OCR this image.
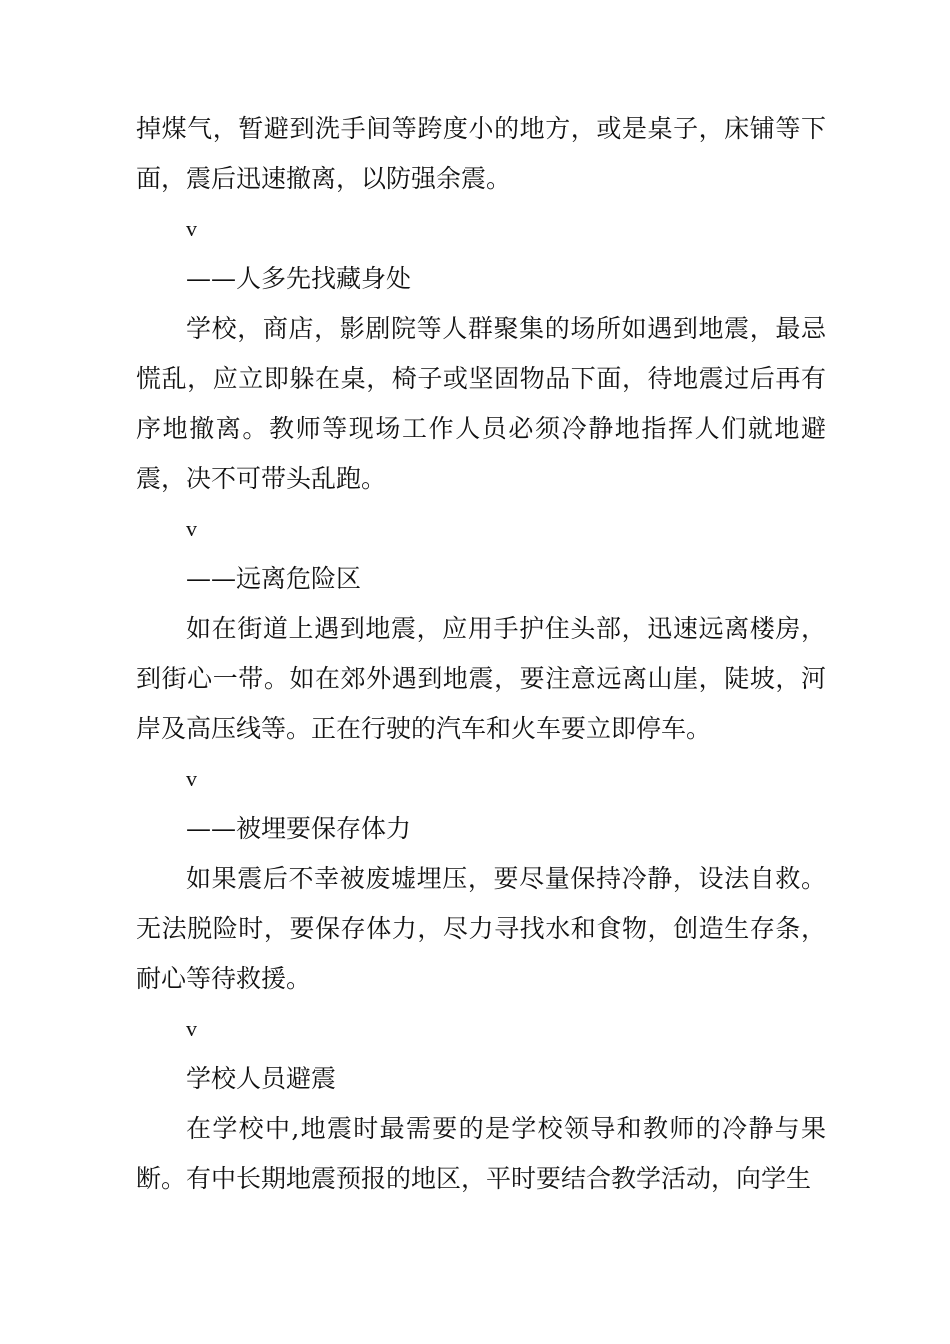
掉煤气，暂避到洗手间等跨度小的地方，或是桌子，床铺等下面，震后迅速撤离，以防强余震。

v

——人多先找藏身处

学校，商店，影剧院等人群聚集的场所如遇到地震，最忌慌乱，应立即躲在桌，椅子或坚固物品下面，待地震过后再有序地撤离。教师等现场工作人员必须冷静地指挥人们就地避震，决不可带头乱跑。

v

——远离危险区

如在街道上遇到地震，应用手护住头部，迅速远离楼房，到街心一带。如在郊外遇到地震，要注意远离山崖，陡坡，河岸及高压线等。正在行驶的汽车和火车要立即停车。

v

——被埋要保存体力

如果震后不幸被废墟埋压，要尽量保持冷静，设法自救。无法脱险时，要保存体力，尽力寻找水和食物，创造生存条，耐心等待救援。

v

学校人员避震

在学校中,地震时最需要的是学校领导和教师的冷静与果断。有中长期地震预报的地区，平时要结合教学活动，向学生
